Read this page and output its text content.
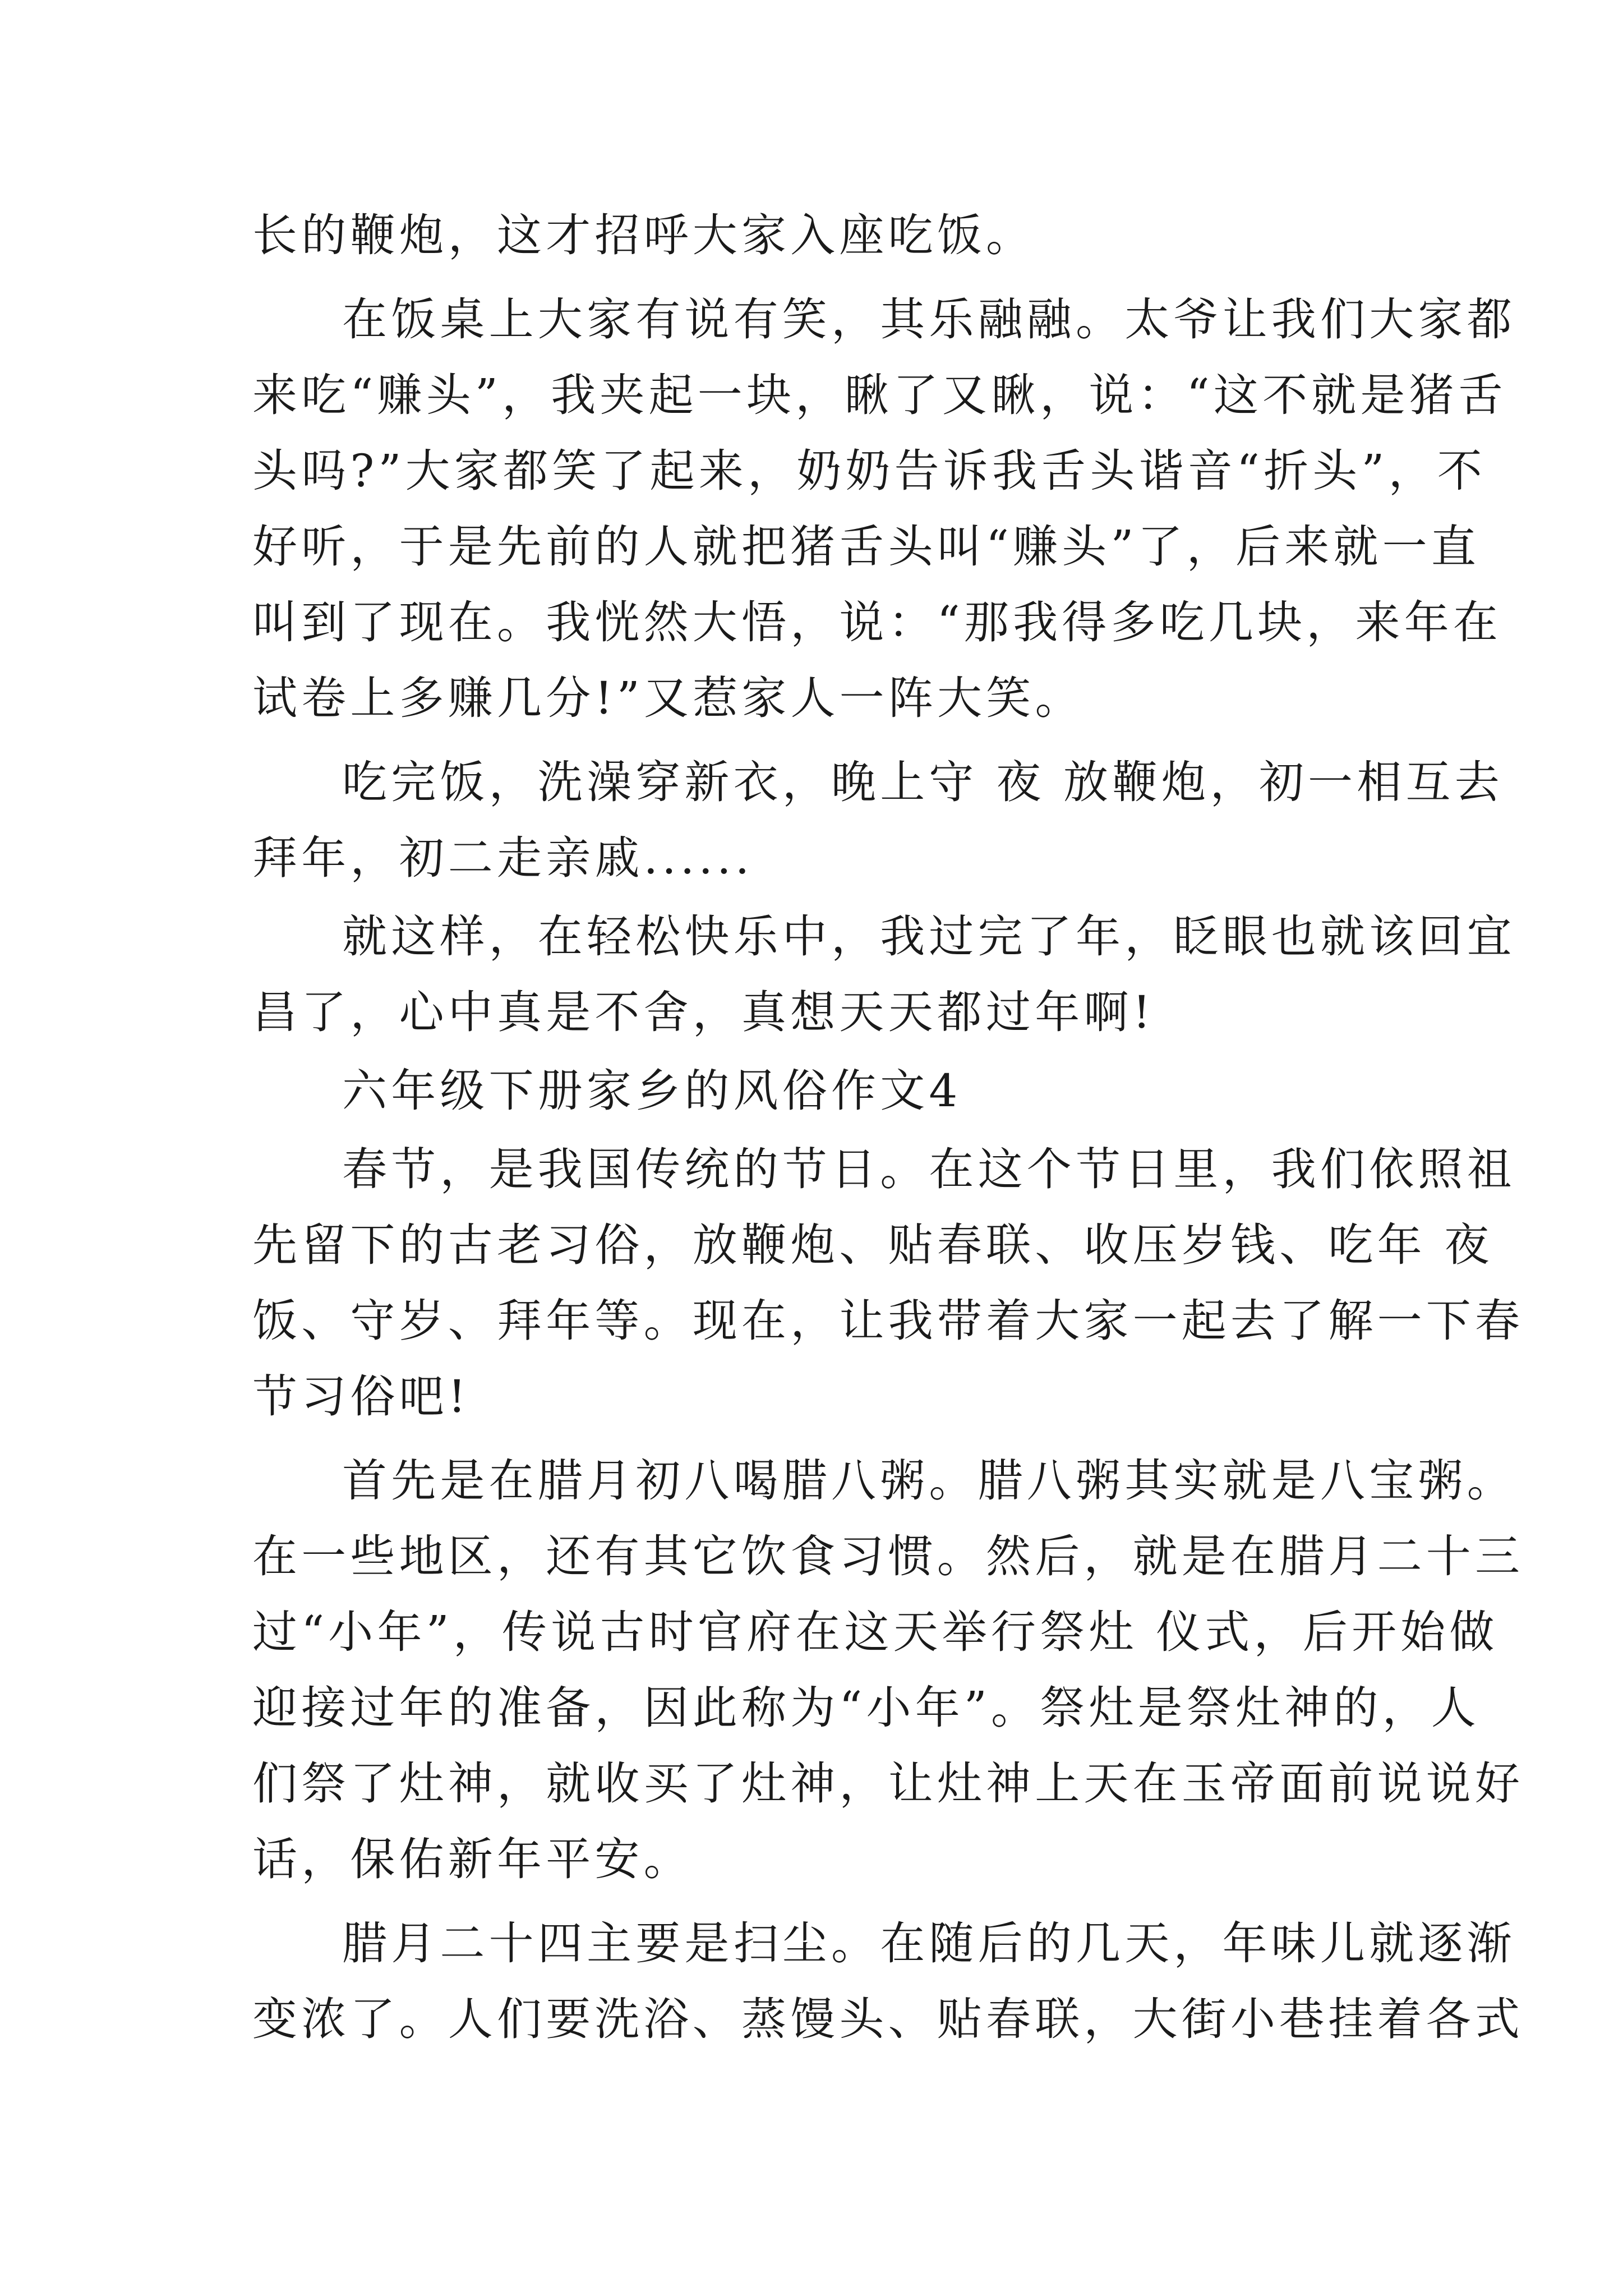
长的鞭炮，这才招呼大家入座吃饭。
在饭桌上大家有说有笑，其乐融融。太爷让我们大家都
来吃“赚头”，我夹起一块，瞅了又瞅，说：“这不就是猪舌
头吗?”大家都笑了起来，奶奶告诉我舌头谐音“折头”，不
好听，于是先前的人就把猪舌头叫“赚头”了，后来就一直
叫到了现在。我恍然大悟，说：“那我得多吃几块，来年在
试卷上多赚几分!”又惹家人一阵大笑。
吃完饭，洗澡穿新衣，晚上守 夜 放鞭炮，初一相互去
拜年，初二走亲戚......
就这样，在轻松快乐中，我过完了年，眨眼也就该回宜
昌了，心中真是不舍，真想天天都过年啊!
六年级下册家乡的风俗作文4
春节，是我国传统的节日。在这个节日里，我们依照祖
先留下的古老习俗，放鞭炮、贴春联、收压岁钱、吃年 夜
饭、守岁、拜年等。现在，让我带着大家一起去了解一下春
节习俗吧!
首先是在腊月初八喝腊八粥。腊八粥其实就是八宝粥。
在一些地区，还有其它饮食习惯。然后，就是在腊月二十三
过“小年”，传说古时官府在这天举行祭灶 仪式，后开始做
迎接过年的准备，因此称为“小年”。祭灶是祭灶神的，人
们祭了灶神，就收买了灶神，让灶神上天在玉帝面前说说好
话，保佑新年平安。
腊月二十四主要是扫尘。在随后的几天，年味儿就逐渐
变浓了。人们要洗浴、蒸馒头、贴春联，大街小巷挂着各式
